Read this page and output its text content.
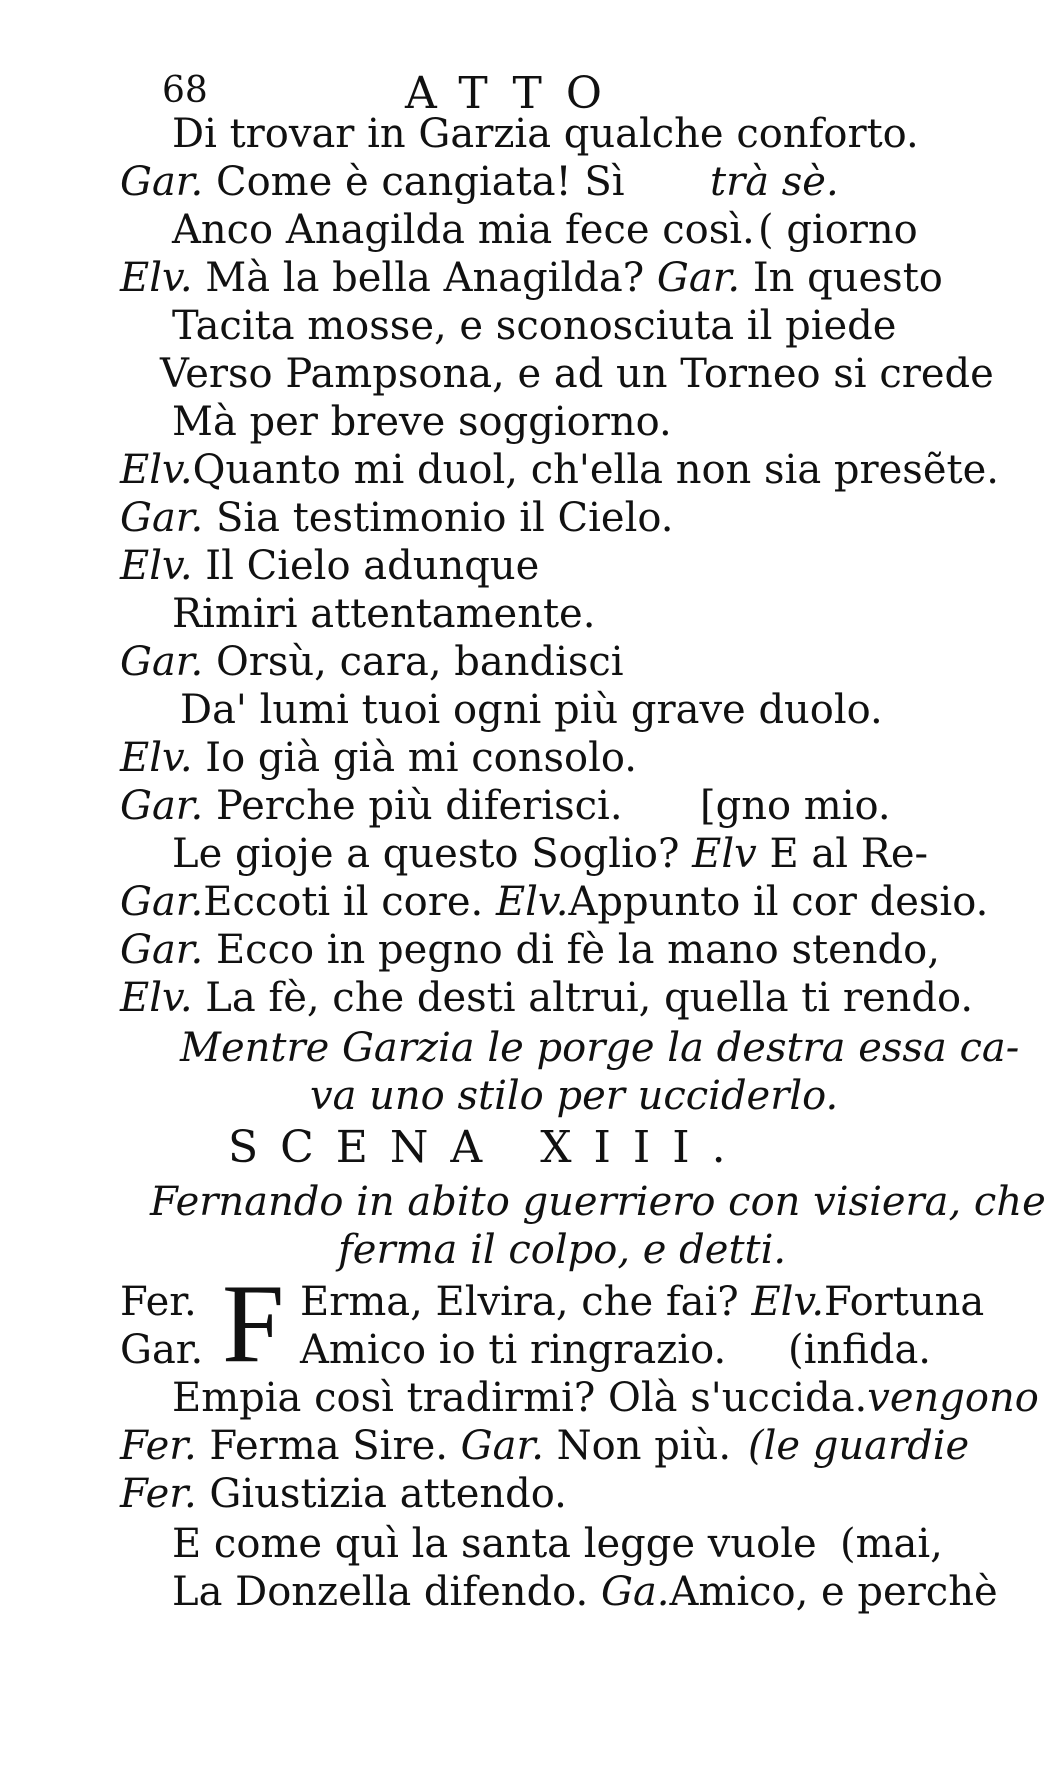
68	ATTO
Di trovar in Garzia qualche conforto.
Gar. Come è cangiata! Sì trà sè.
Anco Anagilda mia fece così. ( giorno
Elv. Mà la bella Anagilda? Gar. In questo
Tacita mosse, e sconosciuta il piede
Verso Pampsona, e ad un Torneo si crede
Mà per breve soggiorno.
Elv.Quanto mi duol, ch'ella non sia presẽte.
Gar. Sia testimonio il Cielo.
Elv. Il Cielo adunque
Rimiri attentamente.
Gar. Orsù, cara, bandisci
Da' lumi tuoi ogni più grave duolo.
Elv. Io già già mi consolo.
Gar. Perche più diferisci. [gno mio.
Le gioje a questo Soglio? Elv E al Re-
Gar.Eccoti il core. Elv.Appunto il cor desio.
Gar. Ecco in pegno di fè la mano stendo,
Elv. La fè, che desti altrui, quella ti rendo.
Mentre Garzia le porge la destra essa ca-
va uno stilo per ucciderlo.
SCENA XIII.
Fernando in abito guerriero con visiera, che
ferma il colpo, e detti.
Fer. F Erma, Elvira, che fai? Elv.Fortuna
Gar. Amico io ti ringrazio. (infida.
Empia così tradirmi? Olà s'uccida.vengono
Fer. Ferma Sire. Gar. Non più. (le guardie
Fer. Giustizia attendo.
E come quì la santa legge vuole (mai,
La Donzella difendo. Ga.Amico, e perchè
